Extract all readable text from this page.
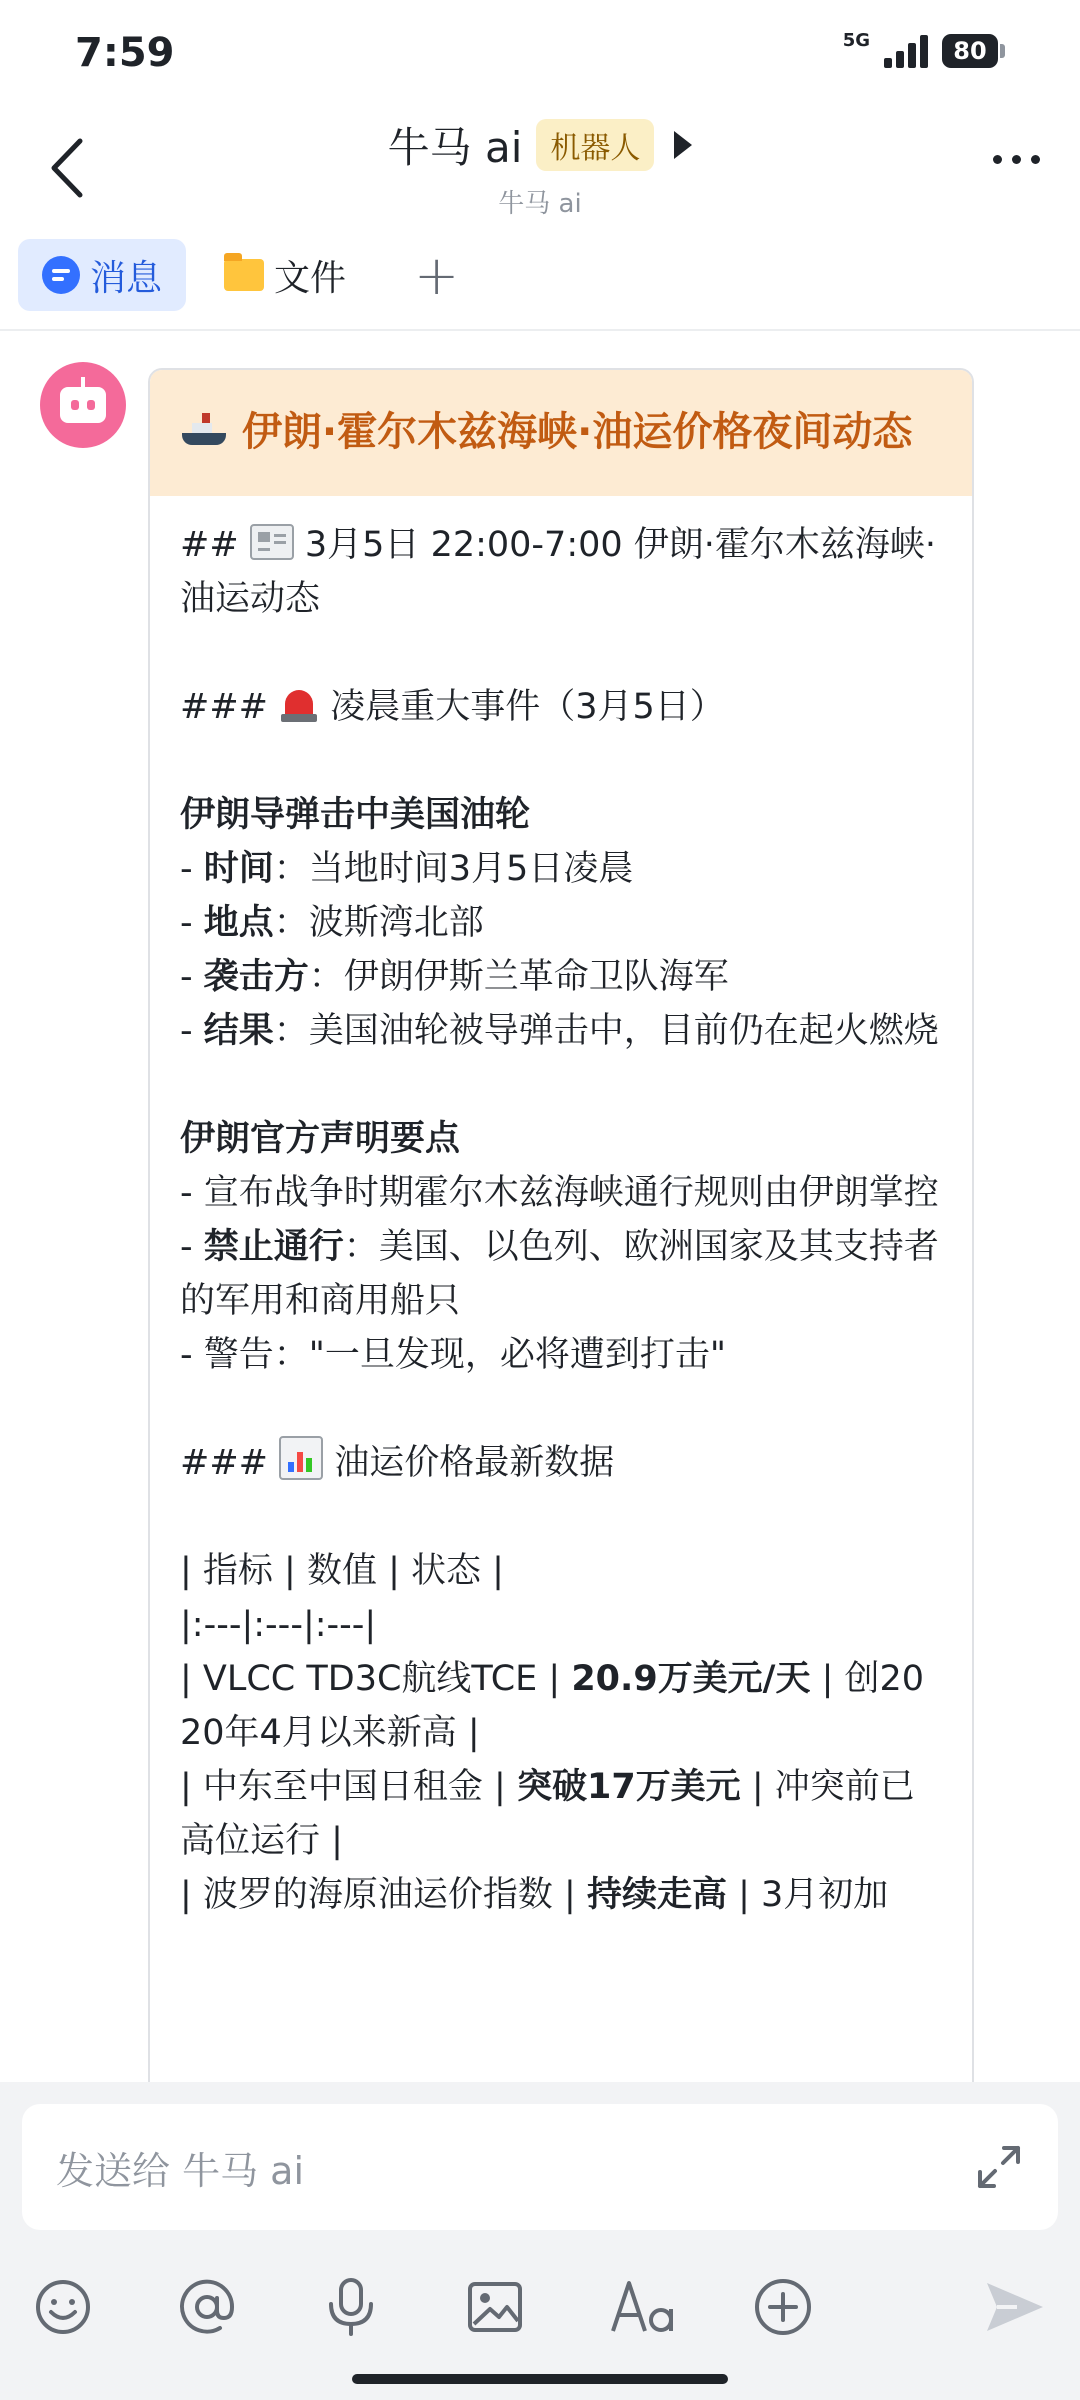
7:59	5G	80
牛马 ai 机器人
牛马 ai
消息	文件	+
伊朗·霍尔木兹海峡·油运价格夜间动态
##  3月5日 22:00-7:00 伊朗·霍尔木兹海峡·油运动态
###
凌晨重大事件（3月5日）
伊朗导弹击中美国油轮
- 时间：当地时间3月5日凌晨
- 地点：波斯湾北部
- 袭击方：伊朗伊斯兰革命卫队海军
- 结果：美国油轮被导弹击中，目前仍在起火燃烧
伊朗官方声明要点
- 宣布战争时期霍尔木兹海峡通行规则由伊朗掌控
- 禁止通行：美国、以色列、欧洲国家及其支持者的军用和商用船只
- 警告："一旦发现，必将遭到打击"
###
油运价格最新数据
| 指标 | 数值 | 状态 |
|:---|:---|:---|
| VLCC TD3C航线TCE | 20.9万美元/天 | 创2020年4月以来新高 |
| 中东至中国日租金 | 突破17万美元 | 冲突前已高位运行 |
| 波罗的海原油运价指数 | 持续走高 | 3月初加
发送给 牛马 ai
